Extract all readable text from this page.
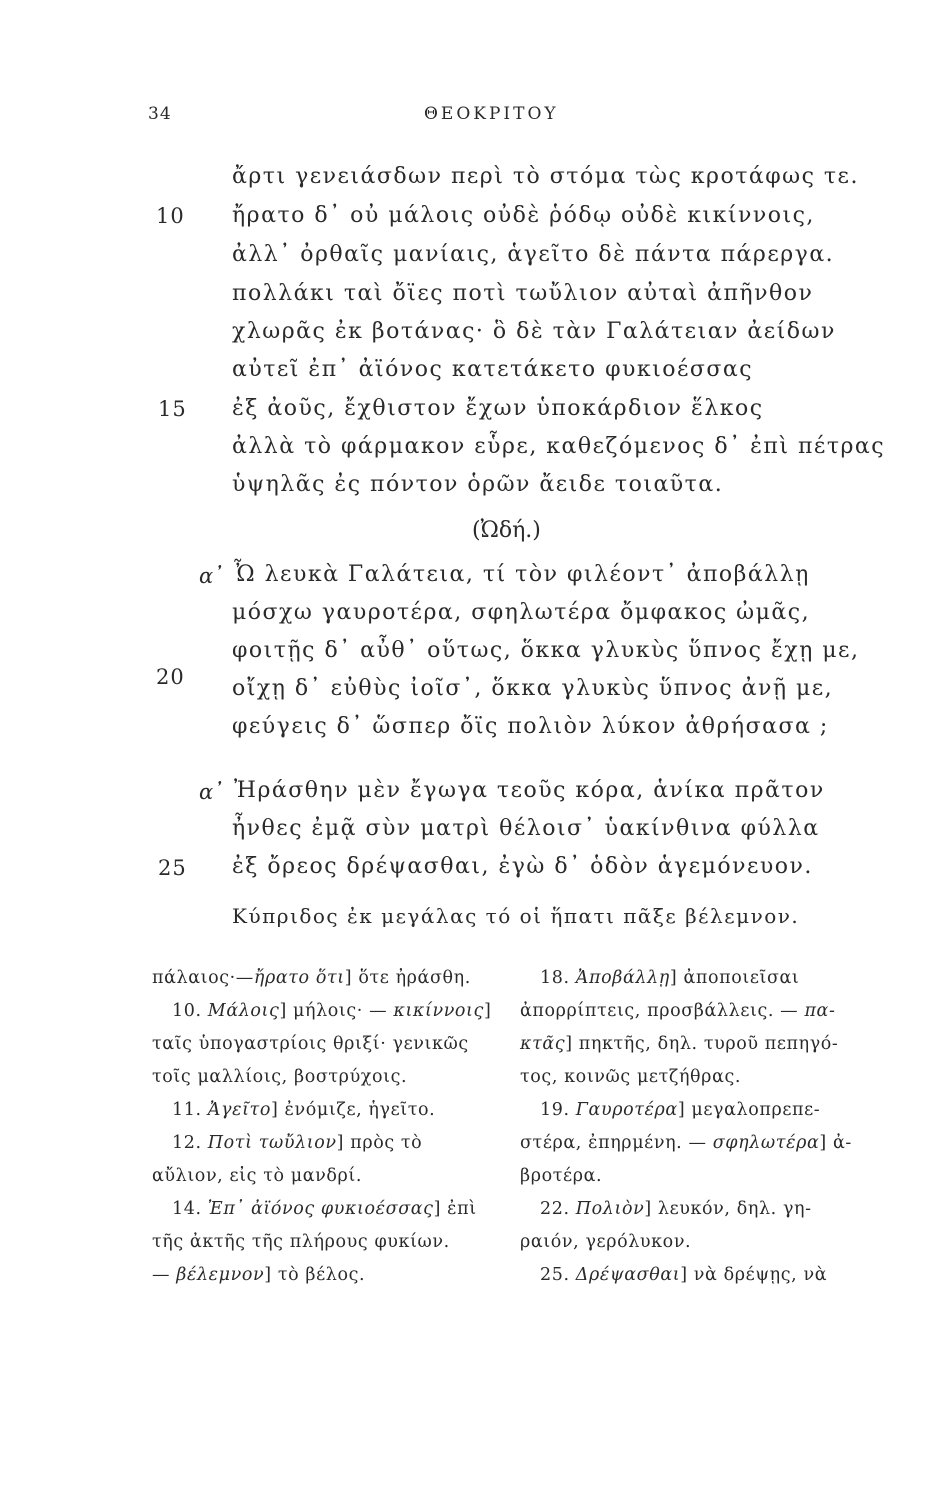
34	ΘΕΟΚΡΙΤΟΥ
ἄρτι γενειάσδων περὶ τὸ στόμα τὼς κροτάφως τε.
ἤρατο δ᾽ οὐ μάλοις οὐδὲ ῥόδῳ οὐδὲ κικίννοις,
ἀλλ᾽ ὀρθαῖς μανίαις, ἁγεῖτο δὲ πάντα πάρεργα.
πολλάκι ταὶ ὄϊες ποτὶ τωὔλιον αὐταὶ ἀπῆνθον
χλωρᾶς ἐκ βοτάνας· ὃ δὲ τὰν Γαλάτειαν ἀείδων
αὐτεῖ ἐπ᾽ ἀϊόνος κατετάκετο φυκιοέσσας
ἐξ ἀοῦς, ἔχθιστον ἔχων ὑποκάρδιον ἕλκος
ἀλλὰ τὸ φάρμακον εὗρε, καθεζόμενος δ᾽ ἐπὶ πέτρας
ὑψηλᾶς ἐς πόντον ὁρῶν ἄειδε τοιαῦτα.
10
15
20
25
(Ὠδή.)
α᾽ Ὦ λευκὰ Γαλάτεια, τί τὸν φιλέοντ᾽ ἀποβάλλῃ
μόσχω γαυροτέρα, σφηλωτέρα ὄμφακος ὠμᾶς,
φοιτῇς δ᾽ αὖθ᾽ οὕτως, ὅκκα γλυκὺς ὕπνος ἔχῃ με,
οἴχῃ δ᾽ εὐθὺς ἰοῖσ᾽, ὅκκα γλυκὺς ὕπνος ἀνῇ με,
φεύγεις δ᾽ ὥσπερ ὄϊς πολιὸν λύκον ἀθρήσασα ;
α᾽ Ἠράσθην μὲν ἔγωγα τεοῦς κόρα, ἁνίκα πρᾶτον
ἦνθες ἐμᾷ σὺν ματρὶ θέλοισ᾽ ὑακίνθινα φύλλα
ἐξ ὄρεος δρέψασθαι, ἐγὼ δ᾽ ὁδὸν ἁγεμόνευον.
Κύπριδος ἐκ μεγάλας τό οἱ ἥπατι πᾶξε βέλεμνον.
πάλαιος·—ἤρατο ὅτι] ὅτε ἠράσθη.
10. Μάλοις] μήλοις· — κικίννοις]
ταῖς ὑπογαστρίοις θριξί· γενικῶς
τοῖς μαλλίοις, βοστρύχοις.
11. Ἀγεῖτο] ἐνόμιζε, ἡγεῖτο.
12. Ποτὶ τωὔλιον] πρὸς τὸ
αὔλιον, εἰς τὸ μανδρί.
14. Ἐπ᾽ ἀϊόνος φυκιοέσσας] ἐπὶ
τῆς ἀκτῆς τῆς πλήρους φυκίων.
— βέλεμνον] τὸ βέλος.
18. Ἀποβάλλῃ] ἀποποιεῖσαι
ἀπορρίπτεις, προσβάλλεις. — πα-
κτᾶς] πηκτῆς, δηλ. τυροῦ πεπηγό-
τος, κοινῶς μετζήθρας.
19. Γαυροτέρα] μεγαλοπρεπε-
στέρα, ἐπηρμένη. — σφηλωτέρα] ἀ-
βροτέρα.
22. Πολιὸν] λευκόν, δηλ. γη-
ραιόν, γερόλυκον.
25. Δρέψασθαι] νὰ δρέψῃς, νὰ
